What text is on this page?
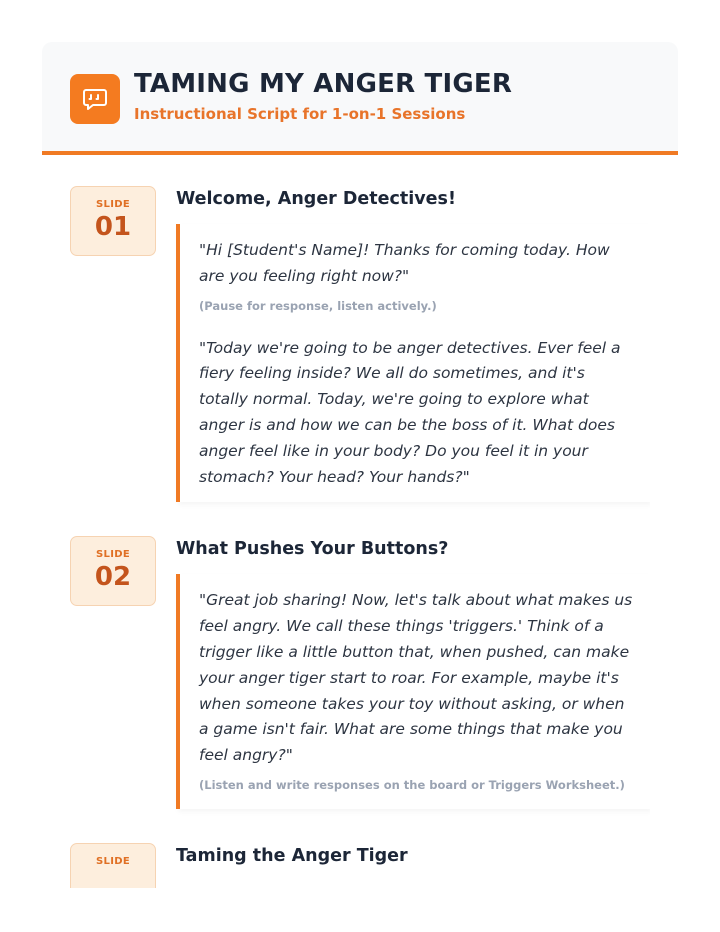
TAMING MY ANGER TIGER
Instructional Script for 1-on-1 Sessions
SLIDE
01
Welcome, Anger Detectives!
"Hi [Student's Name]! Thanks for coming today. How are you feeling right now?"
(Pause for response, listen actively.)
"Today we're going to be anger detectives. Ever feel a fiery feeling inside? We all do sometimes, and it's totally normal. Today, we're going to explore what anger is and how we can be the boss of it. What does anger feel like in your body? Do you feel it in your stomach? Your head? Your hands?"
SLIDE
02
What Pushes Your Buttons?
"Great job sharing! Now, let's talk about what makes us feel angry. We call these things 'triggers.' Think of a trigger like a little button that, when pushed, can make your anger tiger start to roar. For example, maybe it's when someone takes your toy without asking, or when a game isn't fair. What are some things that make you feel angry?"
(Listen and write responses on the board or Triggers Worksheet.)
SLIDE	Taming the Anger Tiger
